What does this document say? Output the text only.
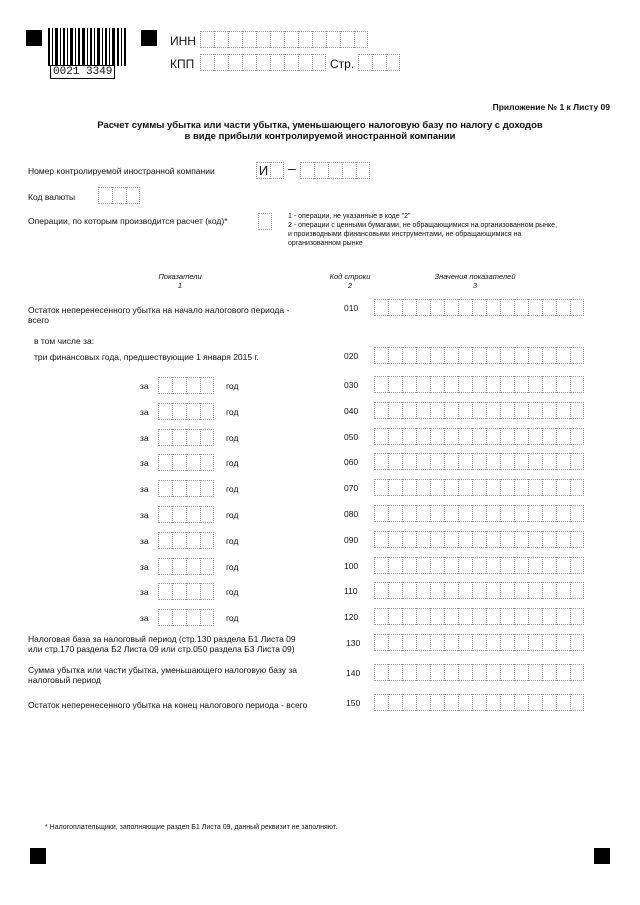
0021 3349
ИНН
КПП	Стр.
Приложение № 1 к Листу 09
Расчет суммы убытка или части убытка, уменьшающего налоговую базу по налогу с доходов
в виде прибыли контролируемой иностранной компании
Номер контролируемой иностранной компании	И –
Код валюты
Операции, по которым производится расчет (код)*	1 - операции, не указанные в коде "2"
2 - операции с ценными бумагами, не обращающимися на организованном рынке,
и производными финансовыми инструментами, не обращающимися на
организованном рынке
Показатели
1
Код строки
2
Значения показателей
3
Остаток неперенесенного убытка на начало налогового периода -
всего
010
в том числе за:
три финансовых года, предшествующие 1 января 2015 г.	020
за	год	030
за	год	040
за	год	050
за	год	060
за	год	070
за	год	080
за	год	090
за	год	100
за	год	110
за	год	120
Налоговая база за налоговый период (стр.130 раздела Б1 Листа 09
или стр.170 раздела Б2 Листа 09 или стр.050 раздела Б3 Листа 09)
130
Сумма убытка или части убытка, уменьшающего налоговую базу за
налоговый период
140
Остаток неперенесенного убытка на конец налогового периода - всего	150
* Налогоплательщики, заполняющие раздел Б1 Листа 09, данный реквизит не заполняют.
